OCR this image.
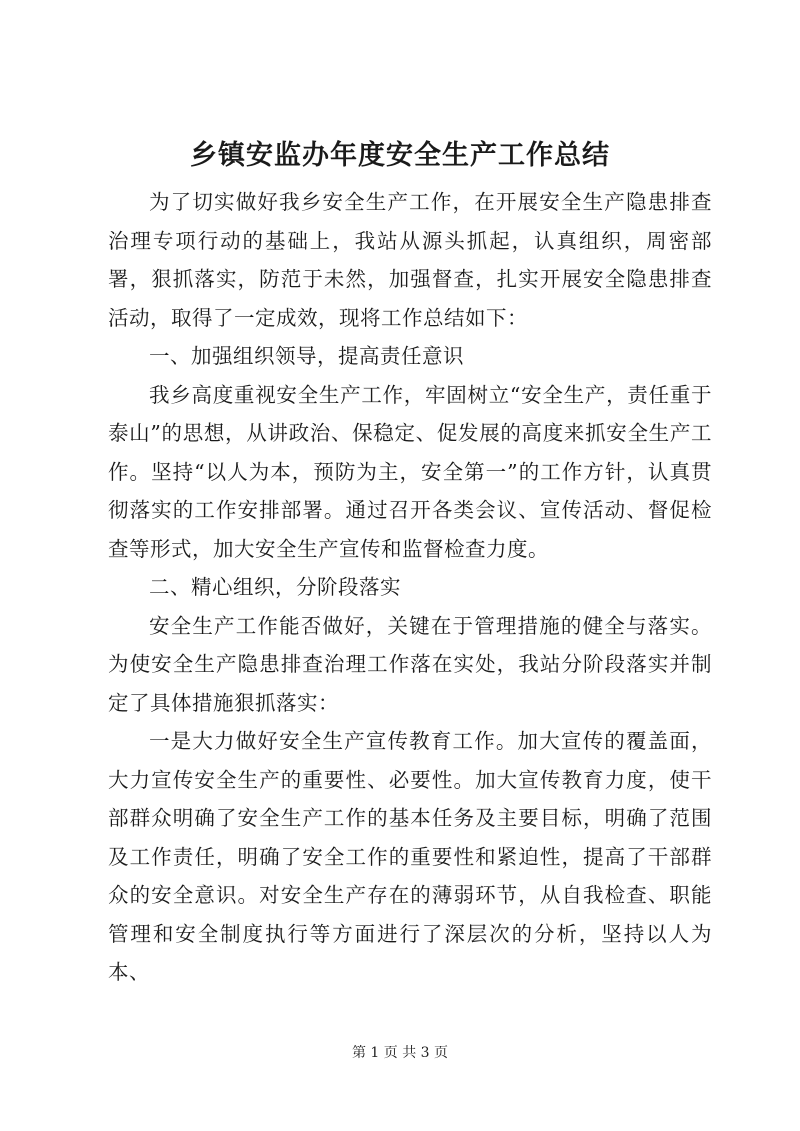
乡镇安监办年度安全生产工作总结

为了切实做好我乡安全生产工作，在开展安全生产隐患排查治理专项行动的基础上，我站从源头抓起，认真组织，周密部署，狠抓落实，防范于未然，加强督查，扎实开展安全隐患排查活动，取得了一定成效，现将工作总结如下：

一、加强组织领导，提高责任意识

我乡高度重视安全生产工作，牢固树立“安全生产，责任重于泰山”的思想，从讲政治、保稳定、促发展的高度来抓安全生产工作。坚持“以人为本，预防为主，安全第一”的工作方针，认真贯彻落实的工作安排部署。通过召开各类会议、宣传活动、督促检查等形式，加大安全生产宣传和监督检查力度。

二、精心组织，分阶段落实

安全生产工作能否做好，关键在于管理措施的健全与落实。为使安全生产隐患排查治理工作落在实处，我站分阶段落实并制定了具体措施狠抓落实：

一是大力做好安全生产宣传教育工作。加大宣传的覆盖面，大力宣传安全生产的重要性、必要性。加大宣传教育力度，使干部群众明确了安全生产工作的基本任务及主要目标，明确了范围及工作责任，明确了安全工作的重要性和紧迫性，提高了干部群众的安全意识。对安全生产存在的薄弱环节，从自我检查、职能管理和安全制度执行等方面进行了深层次的分析，坚持以人为本、

第 1 页 共 3 页
